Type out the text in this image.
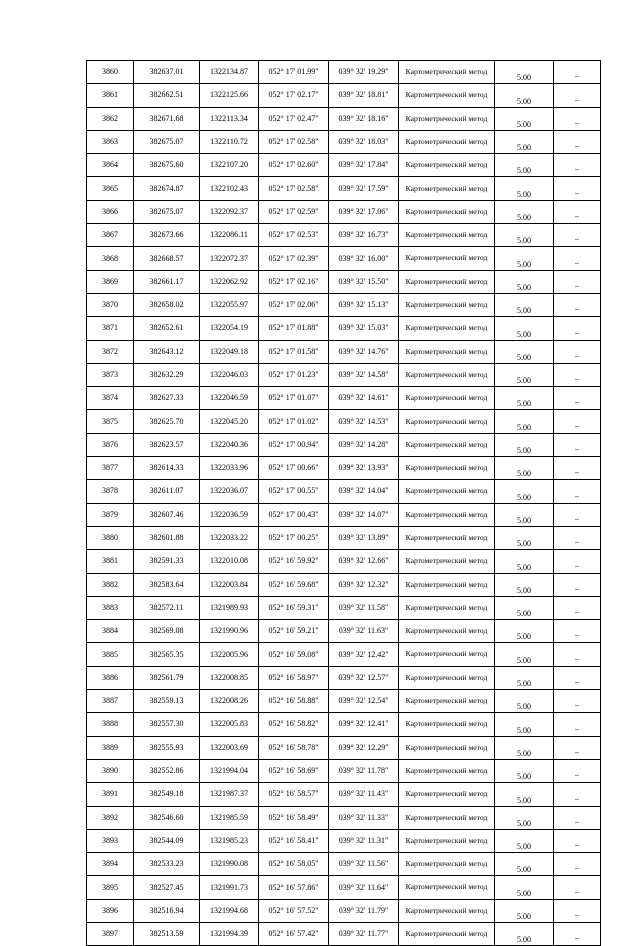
3860	382637.01	1322134.87	052° 17' 01.99"	039° 32' 19.29"	Картометрический метод	5.00	–
3861	382662.51	1322125.66	052° 17' 02.17"	039° 32' 18.81"	Картометрический метод	5.00	–
3862	382671.68	1322113.34	052° 17' 02.47"	039° 32' 18.16"	Картометрический метод	5.00	–
3863	382675.07	1322110.72	052° 17' 02.58"	039° 32' 18.03"	Картометрический метод	5.00	–
3864	382675.60	1322107.20	052° 17' 02.60"	039° 32' 17.84"	Картометрический метод	5.00	–
3865	382674.87	1322102.43	052° 17' 02.58"	039° 32' 17.59"	Картометрический метод	5.00	–
3866	382675.07	1322092.37	052° 17' 02.59"	039° 32' 17.06"	Картометрический метод	5.00	–
3867	382673.66	1322086.11	052° 17' 02.53"	039° 32' 16.73"	Картометрический метод	5.00	–
3868	382668.57	1322072.37	052° 17' 02.39"	039° 32' 16.00"	Картометрический метод	5.00	–
3869	382661.17	1322062.92	052° 17' 02.16"	039° 32' 15.50"	Картометрический метод	5.00	–
3870	382658.02	1322055.97	052° 17' 02.06"	039° 32' 15.13"	Картометрический метод	5.00	–
3871	382652.61	1322054.19	052° 17' 01.88"	039° 32' 15.03"	Картометрический метод	5.00	–
3872	382643.12	1322049.18	052° 17' 01.58"	039° 32' 14.76"	Картометрический метод	5.00	–
3873	382632.29	1322046.03	052° 17' 01.23"	039° 32' 14.58"	Картометрический метод	5.00	–
3874	382627.33	1322046.59	052° 17' 01.07"	039° 32' 14.61"	Картометрический метод	5.00	–
3875	382625.70	1322045.20	052° 17' 01.02"	039° 32' 14.53"	Картометрический метод	5.00	–
3876	382623.57	1322040.36	052° 17' 00.94"	039° 32' 14.28"	Картометрический метод	5.00	–
3877	382614.33	1322033.96	052° 17' 00.66"	039° 32' 13.93"	Картометрический метод	5.00	–
3878	382611.07	1322036.07	052° 17' 00.55"	039° 32' 14.04"	Картометрический метод	5.00	–
3879	382607.46	1322036.59	052° 17' 00.43"	039° 32' 14.07"	Картометрический метод	5.00	–
3880	382601.88	1322033.22	052° 17' 00.25"	039° 32' 13.89"	Картометрический метод	5.00	–
3881	382591.33	1322010.08	052° 16' 59.92"	039° 32' 12.66"	Картометрический метод	5.00	–
3882	382583.64	1322003.84	052° 16' 59.68"	039° 32' 12.32"	Картометрический метод	5.00	–
3883	382572.11	1321989.93	052° 16' 59.31"	039° 32' 11.58"	Картометрический метод	5.00	–
3884	382569.08	1321990.96	052° 16' 59.21"	039° 32' 11.63"	Картометрический метод	5.00	–
3885	382565.35	1322005.96	052° 16' 59.08"	039° 32' 12.42"	Картометрический метод	5.00	–
3886	382561.79	1322008.85	052° 16' 58.97"	039° 32' 12.57"	Картометрический метод	5.00	–
3887	382559.13	1322008.26	052° 16' 58.88"	039° 32' 12.54"	Картометрический метод	5.00	–
3888	382557.30	1322005.83	052° 16' 58.82"	039° 32' 12.41"	Картометрический метод	5.00	–
3889	382555.93	1322003.69	052° 16' 58.78"	039° 32' 12.29"	Картометрический метод	5.00	–
3890	382552.86	1321994.04	052° 16' 58.69"	039° 32' 11.78"	Картометрический метод	5.00	–
3891	382549.18	1321987.37	052° 16' 58.57"	039° 32' 11.43"	Картометрический метод	5.00	–
3892	382546.60	1321985.59	052° 16' 58.49"	039° 32' 11.33"	Картометрический метод	5.00	–
3893	382544.09	1321985.23	052° 16' 58.41"	039° 32' 11.31"	Картометрический метод	5.00	–
3894	382533.23	1321990.08	052° 16' 58.05"	039° 32' 11.56"	Картометрический метод	5.00	–
3895	382527.45	1321991.73	052° 16' 57.86"	039° 32' 11.64"	Картометрический метод	5.00	–
3896	382516.94	1321994.68	052° 16' 57.52"	039° 32' 11.79"	Картометрический метод	5.00	–
3897	382513.59	1321994.39	052° 16' 57.42"	039° 32' 11.77"	Картометрический метод	5.00	–
